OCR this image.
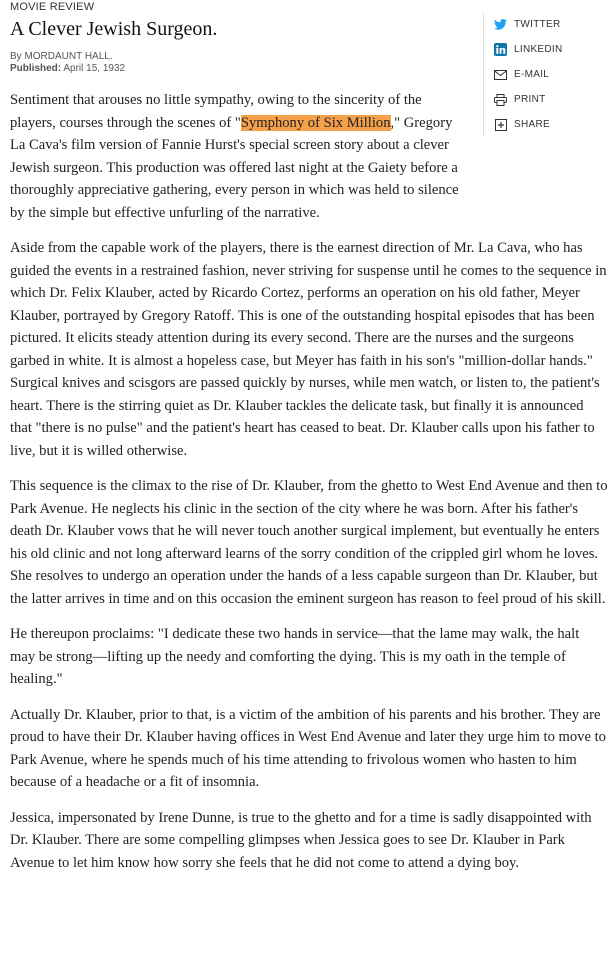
MOVIE REVIEW
A Clever Jewish Surgeon.
By MORDAUNT HALL.
Published: April 15, 1932
TWITTER
LINKEDIN
E-MAIL
PRINT
SHARE

Sentiment that arouses no little sympathy, owing to the sincerity of the players, courses through the scenes of "Symphony of Six Million," Gregory La Cava's film version of Fannie Hurst's special screen story about a clever Jewish surgeon. This production was offered last night at the Gaiety before a thoroughly appreciative gathering, every person in which was held to silence by the simple but effective unfurling of the narrative.

Aside from the capable work of the players, there is the earnest direction of Mr. La Cava, who has guided the events in a restrained fashion, never striving for suspense until he comes to the sequence in which Dr. Felix Klauber, acted by Ricardo Cortez, performs an operation on his old father, Meyer Klauber, portrayed by Gregory Ratoff. This is one of the outstanding hospital episodes that has been pictured. It elicits steady attention during its every second. There are the nurses and the surgeons garbed in white. It is almost a hopeless case, but Meyer has faith in his son's "million-dollar hands." Surgical knives and scisgors are passed quickly by nurses, while men watch, or listen to, the patient's heart. There is the stirring quiet as Dr. Klauber tackles the delicate task, but finally it is announced that "there is no pulse" and the patient's heart has ceased to beat. Dr. Klauber calls upon his father to live, but it is willed otherwise.

This sequence is the climax to the rise of Dr. Klauber, from the ghetto to West End Avenue and then to Park Avenue. He neglects his clinic in the section of the city where he was born. After his father's death Dr. Klauber vows that he will never touch another surgical implement, but eventually he enters his old clinic and not long afterward learns of the sorry condition of the crippled girl whom he loves. She resolves to undergo an operation under the hands of a less capable surgeon than Dr. Klauber, but the latter arrives in time and on this occasion the eminent surgeon has reason to feel proud of his skill.

He thereupon proclaims: "I dedicate these two hands in service—that the lame may walk, the halt may be strong—lifting up the needy and comforting the dying. This is my oath in the temple of healing."

Actually Dr. Klauber, prior to that, is a victim of the ambition of his parents and his brother. They are proud to have their Dr. Klauber having offices in West End Avenue and later they urge him to move to Park Avenue, where he spends much of his time attending to frivolous women who hasten to him because of a headache or a fit of insomnia.

Jessica, impersonated by Irene Dunne, is true to the ghetto and for a time is sadly disappointed with Dr. Klauber. There are some compelling glimpses when Jessica goes to see Dr. Klauber in Park Avenue to let him know how sorry she feels that he did not come to attend a dying boy.
